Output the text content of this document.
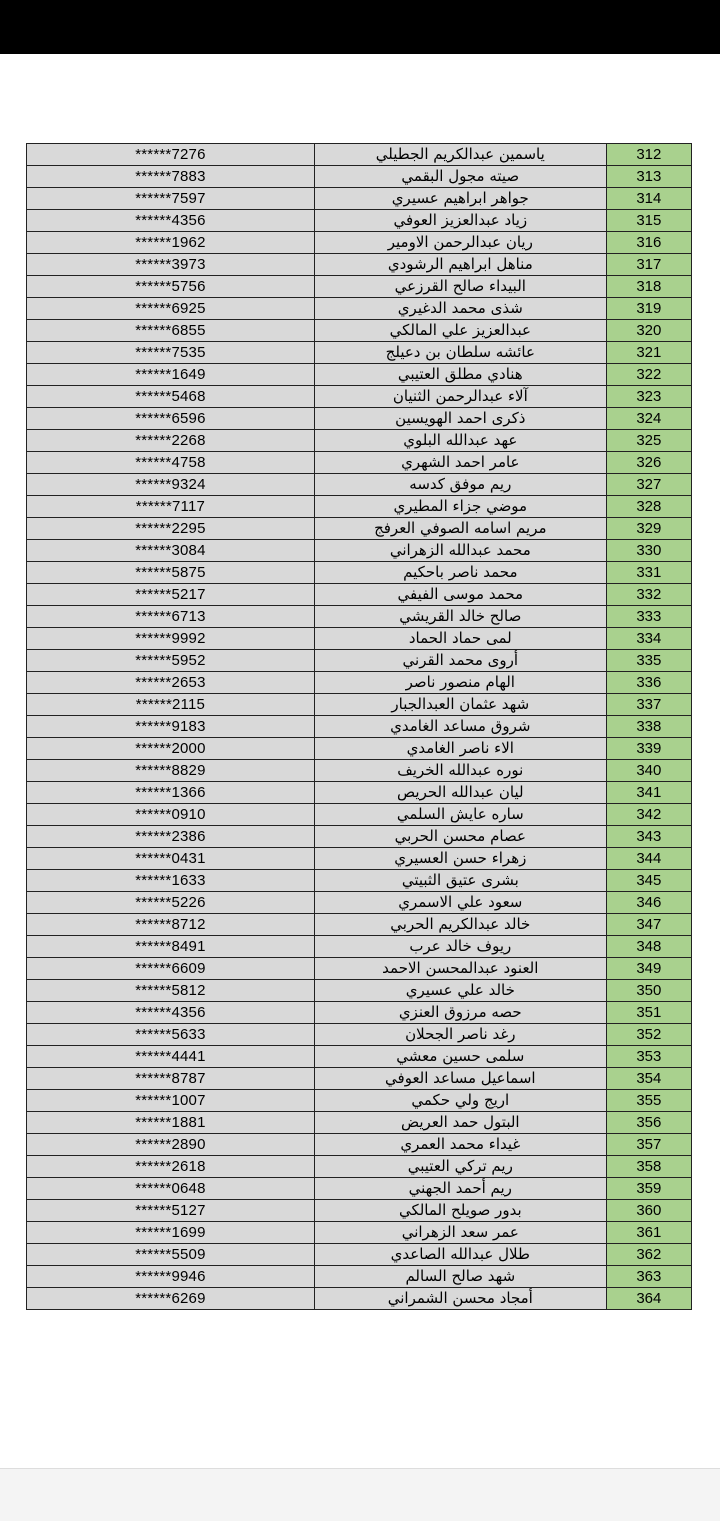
******7276	ياسمين عبدالكريم الجطيلي	312
******7883	صيته مجول البقمي	313
******7597	جواهر ابراهيم عسيري	314
******4356	زياد عبدالعزيز العوفي	315
******1962	ريان عبدالرحمن الاومير	316
******3973	مناهل ابراهيم الرشودي	317
******5756	البيداء صالح القرزعي	318
******6925	شذى محمد الدغيري	319
******6855	عبدالعزيز علي المالكي	320
******7535	عائشه سلطان بن دعيلج	321
******1649	هنادي مطلق العتيبي	322
******5468	آلاء عبدالرحمن الثنيان	323
******6596	ذكرى احمد الهويسين	324
******2268	عهد عبدالله البلوي	325
******4758	عامر احمد الشهري	326
******9324	ريم موفق كدسه	327
******7117	موضي جزاء المطيري	328
******2295	مريم اسامه الصوفي العرفج	329
******3084	محمد عبدالله الزهراني	330
******5875	محمد ناصر باحكيم	331
******5217	محمد موسى الفيفي	332
******6713	صالح خالد القريشي	333
******9992	لمى حماد الحماد	334
******5952	أروى محمد القرني	335
******2653	الهام منصور ناصر	336
******2115	شهد عثمان العبدالجبار	337
******9183	شروق مساعد الغامدي	338
******2000	الاء ناصر الغامدي	339
******8829	نوره عبدالله الخريف	340
******1366	ليان عبدالله الحريص	341
******0910	ساره عايش السلمي	342
******2386	عصام محسن الحربي	343
******0431	زهراء حسن العسيري	344
******1633	بشرى عتيق الثبيتي	345
******5226	سعود علي الاسمري	346
******8712	خالد عبدالكريم الحربي	347
******8491	ريوف خالد عرب	348
******6609	العنود عبدالمحسن الاحمد	349
******5812	خالد علي عسيري	350
******4356	حصه مرزوق العنزي	351
******5633	رغد ناصر الجحلان	352
******4441	سلمى حسين معشي	353
******8787	اسماعيل مساعد العوفي	354
******1007	اريج ولي حكمي	355
******1881	البتول حمد العريض	356
******2890	غيداء محمد العمري	357
******2618	ريم تركي العتيبي	358
******0648	ريم أحمد الجهني	359
******5127	بدور صويلح المالكي	360
******1699	عمر سعد الزهراني	361
******5509	طلال عبدالله الصاعدي	362
******9946	شهد صالح السالم	363
******6269	أمجاد محسن الشمراني	364
